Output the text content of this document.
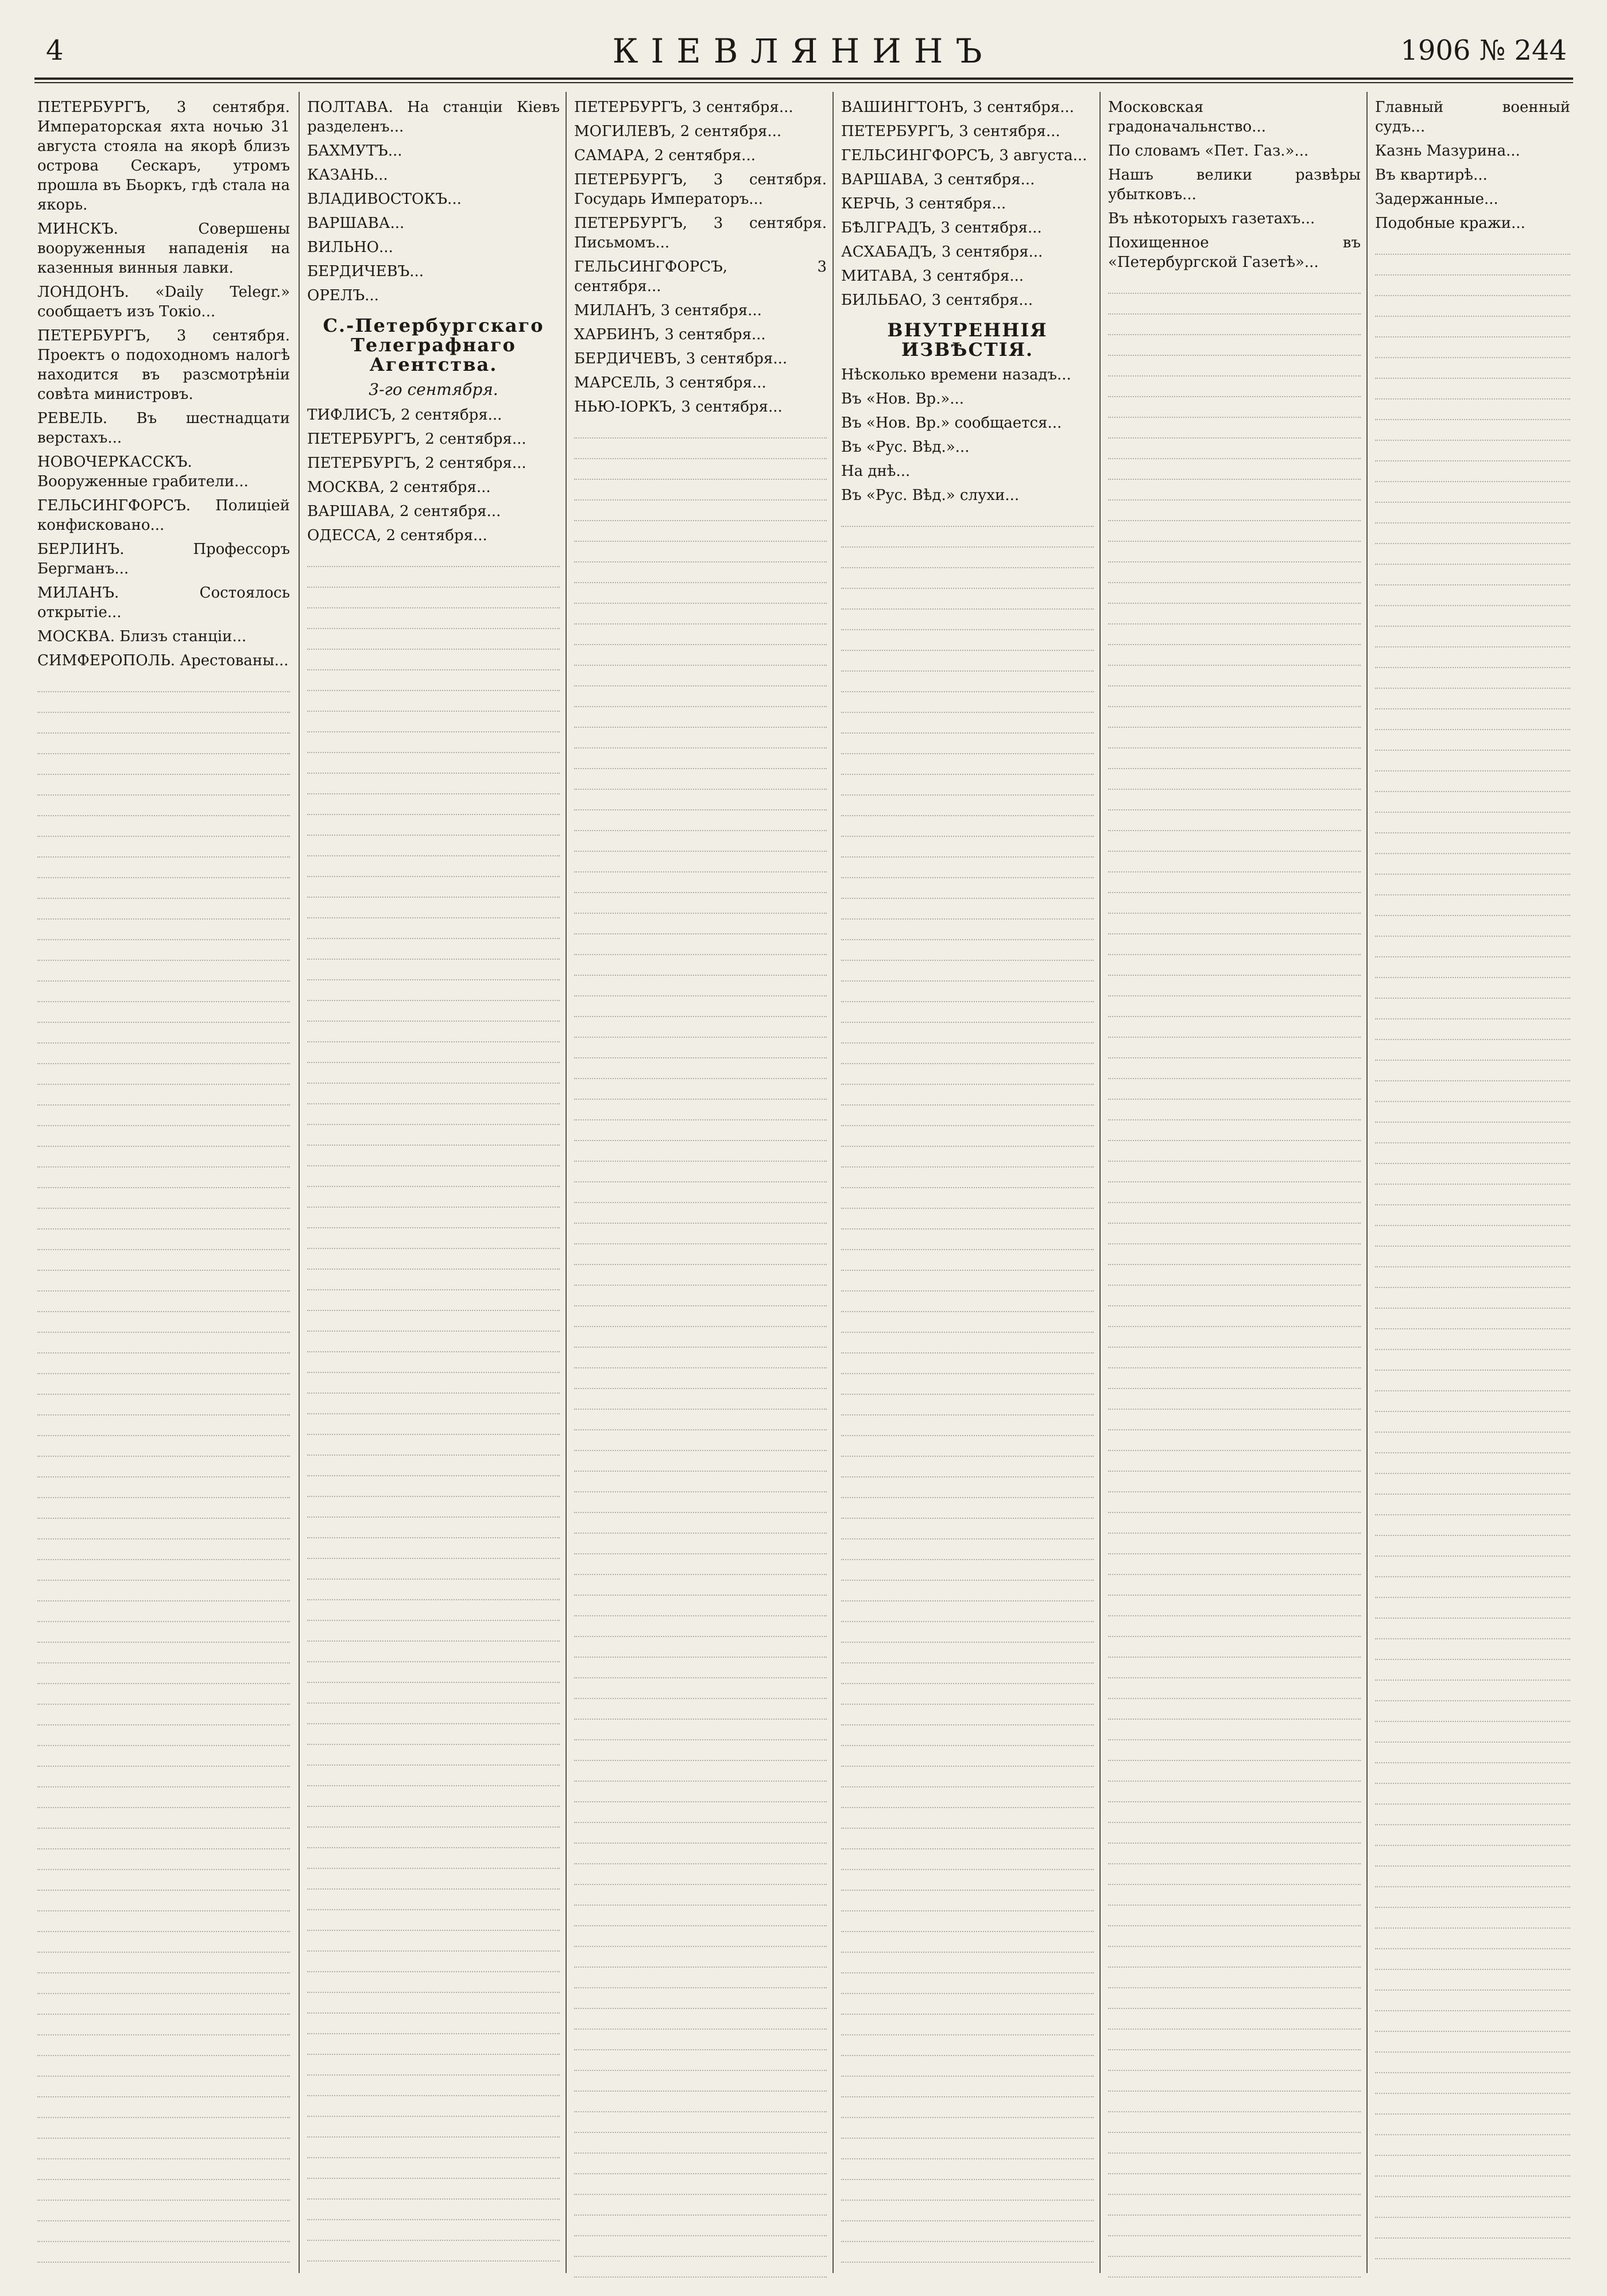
4	КІЕВЛЯНИНЪ	1906 № 244

ПЕТЕРБУРГЪ, 3 сентября. Императорская яхта ночью 31 августа стояла на якорѣ близъ острова Сескаръ, утромъ прошла въ Бьоркъ, гдѣ стала на якорь.

МИНСКЪ. Совершены вооруженныя нападенія на казенныя винныя лавки.

ЛОНДОНЪ. «Daily Telegr.» сообщаетъ изъ Токіо...

ПЕТЕРБУРГЪ, 3 сентября. Проектъ о подоходномъ налогѣ находится въ разсмотрѣніи совѣта министровъ.

РЕВЕЛЬ. Въ шестнадцати верстахъ...

НОВОЧЕРКАССКЪ. Вооруженные грабители...

ГЕЛЬСИНГФОРСЪ. Полиціей конфисковано...

БЕРЛИНЪ. Профессоръ Бергманъ...

МИЛАНЪ. Состоялось открытіе...

МОСКВА. Близъ станціи...

СИМФЕРОПОЛЬ. Арестованы...

ПОЛТАВА. На станціи Кіевъ разделенъ...

БАХМУТЪ...

КАЗАНЬ...

ВЛАДИВОСТОКЪ...

ВАРШАВА...

ВИЛЬНО...

БЕРДИЧЕВЪ...

ОРЕЛЪ...

С.-Петербургскаго Телеграфнаго Агентства.
3-го сентября.

ТИФЛИСЪ, 2 сентября...

ПЕТЕРБУРГЪ, 2 сентября...

ПЕТЕРБУРГЪ, 2 сентября...

МОСКВА, 2 сентября...

ВАРШАВА, 2 сентября...

ОДЕССА, 2 сентября...

ПЕТЕРБУРГЪ, 3 сентября...

МОГИЛЕВЪ, 2 сентября...

САМАРА, 2 сентября...

ПЕТЕРБУРГЪ, 3 сентября. Государь Императоръ...

ПЕТЕРБУРГЪ, 3 сентября. Письмомъ...

ГЕЛЬСИНГФОРСЪ, 3 сентября...

МИЛАНЪ, 3 сентября...

ХАРБИНЪ, 3 сентября...

БЕРДИЧЕВЪ, 3 сентября...

МАРСЕЛЬ, 3 сентября...

НЬЮ-ІОРКЪ, 3 сентября...

ВАШИНГТОНЪ, 3 сентября...

ПЕТЕРБУРГЪ, 3 сентября...

ГЕЛЬСИНГФОРСЪ, 3 августа...

ВАРШАВА, 3 сентября...

КЕРЧЬ, 3 сентября...

БѢЛГРАДЪ, 3 сентября...

АСХАБАДЪ, 3 сентября...

МИТАВА, 3 сентября...

БИЛЬБАО, 3 сентября...

ВНУТРЕННІЯ ИЗВѢСТІЯ.

Нѣсколько времени назадъ...

Въ «Нов. Вр.»...

Въ «Нов. Вр.» сообщается...

Въ «Рус. Вѣд.»...

На днѣ...

Въ «Рус. Вѣд.» слухи...

Московская градоначальнство...

По словамъ «Пет. Газ.»...

Нашъ велики развѣры убытковъ...

Въ нѣкоторыхъ газетахъ...

Похищенное въ «Петербургской Газетѣ»...

Главный военный судъ...

Казнь Мазурина...

Въ квартирѣ...

Задержанные...

Подобные кражи...
